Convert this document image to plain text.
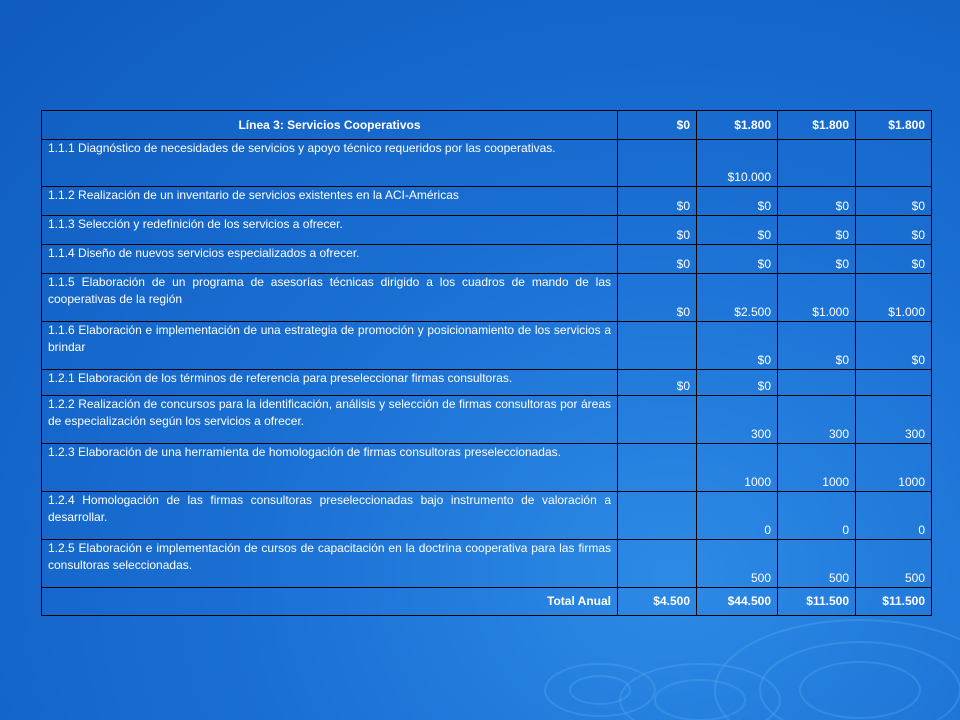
Línea 3: Servicios Cooperativos	$0	$1.800	$1.800	$1.800
1.1.1 Diagnóstico de necesidades de servicios y apoyo técnico requeridos por las cooperativas.		$10.000		
1.1.2 Realización de un inventario de servicios existentes en la ACI-Américas	$0	$0	$0	$0
1.1.3 Selección y redefinición de los servicios a ofrecer.	$0	$0	$0	$0
1.1.4 Diseño de nuevos servicios especializados a ofrecer.	$0	$0	$0	$0
1.1.5 Elaboración de un programa de asesorías técnicas dirigido a los cuadros de mando de las cooperativas de la región	$0	$2.500	$1.000	$1.000
1.1.6 Elaboración e implementación de una estrategia de promoción y posicionamiento de los servicios a brindar		$0	$0	$0
1.2.1 Elaboración de los términos de referencia para preseleccionar firmas consultoras.	$0	$0		
1.2.2 Realización de concursos para la identificación, análisis y selección de firmas consultoras por áreas de especialización según los servicios a ofrecer.		300	300	300
1.2.3 Elaboración de una herramienta de homologación de firmas consultoras preseleccionadas.		1000	1000	1000
1.2.4 Homologación de las firmas consultoras preseleccionadas bajo instrumento de valoración a desarrollar.		0	0	0
1.2.5 Elaboración e implementación de cursos de capacitación en la doctrina cooperativa para las firmas consultoras seleccionadas.		500	500	500
Total Anual	$4.500	$44.500	$11.500	$11.500
